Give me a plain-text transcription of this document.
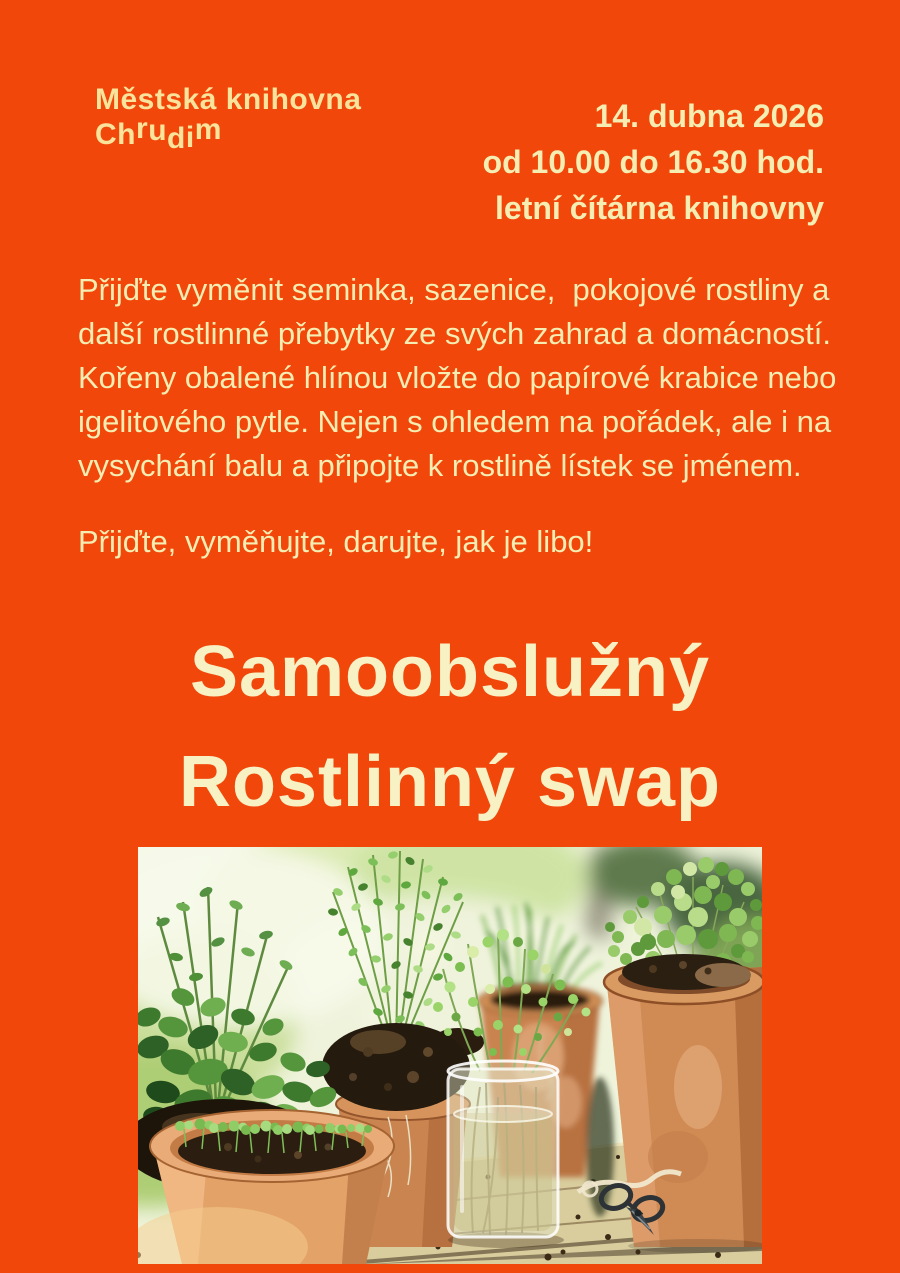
Městská knihovna
Chrudim	14. dubna 2026
od 10.00 do 16.30 hod.
letní čítárna knihovny
Přijďte vyměnit seminka, sazenice,  pokojové rostliny a
další rostlinné přebytky ze svých zahrad a domácností.
Kořeny obalené hlínou vložte do papírové krabice nebo
igelitového pytle. Nejen s ohledem na pořádek, ale i na
vysychání balu a připojte k rostlině lístek se jménem.
Přijďte, vyměňujte, darujte, jak je libo!
Samoobslužný
Rostlinný swap
